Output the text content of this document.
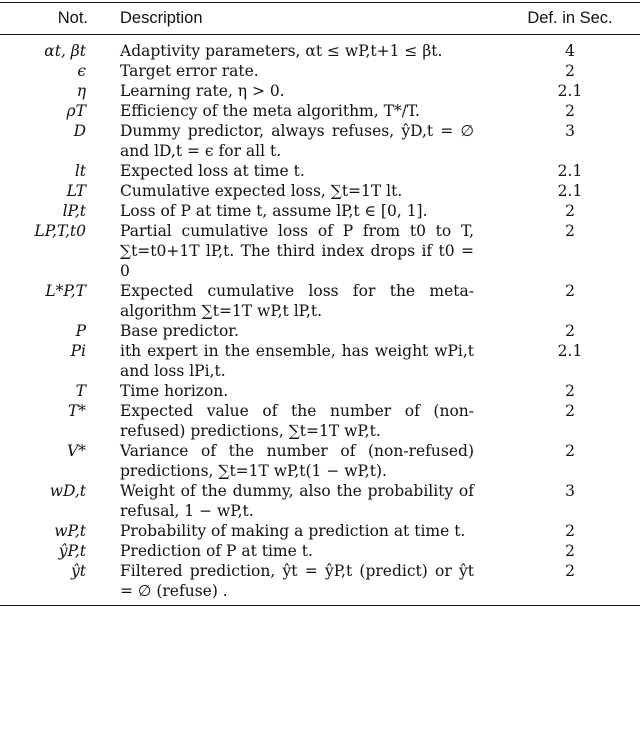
Not.	Description	Def. in Sec.
αt, βt	Adaptivity parameters, αt ≤ wP,t+1 ≤ βt.	4
ϵ	Target error rate.	2
η	Learning rate, η > 0.	2.1
ρT	Efficiency of the meta algorithm, T*/T.	2
D	Dummy predictor, always refuses, ŷD,t = ∅ and lD,t = ϵ for all t.	3
lt	Expected loss at time t.	2.1
LT	Cumulative expected loss, ∑t=1T lt.	2.1
lP,t	Loss of P at time t, assume lP,t ∈ [0, 1].	2
LP,T,t0	Partial cumulative loss of P from t0 to T, ∑t=t0+1T lP,t. The third index drops if t0 = 0	2
L*P,T	Expected cumulative loss for the meta-algorithm ∑t=1T wP,t lP,t.	2
P	Base predictor.	2
Pi	ith expert in the ensemble, has weight wPi,t and loss lPi,t.	2.1
T	Time horizon.	2
T*	Expected value of the number of (non-refused) predictions, ∑t=1T wP,t.	2
V*	Variance of the number of (non-refused) predictions, ∑t=1T wP,t(1 − wP,t).	2
wD,t	Weight of the dummy, also the probability of refusal, 1 − wP,t.	3
wP,t	Probability of making a prediction at time t.	2
ŷP,t	Prediction of P at time t.	2
ŷt	Filtered prediction, ŷt = ŷP,t (predict) or ŷt = ∅ (refuse) .	2
